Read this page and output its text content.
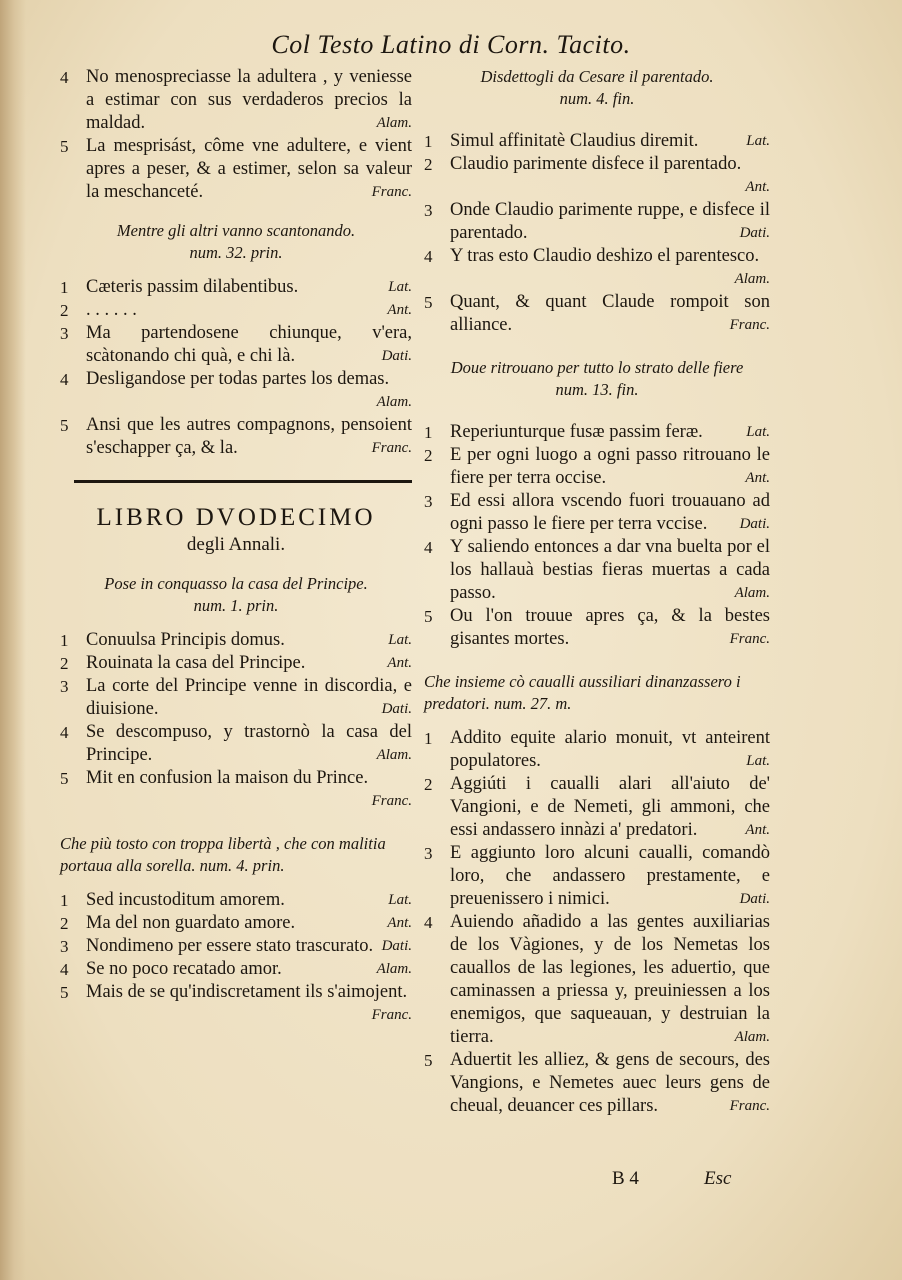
Col Testo Latino di Corn. Tacito.
4 No menospreciasse la adultera , y veniesse a estimar con sus verdaderos precios la maldad.	Alam.
5 La mesprisást, côme vne adultere, e vient apres a peser, & a estimer, selon sa valeur la meschanceté.	Franc.

Mentre gli altri vanno scantonando.
num. 32. prin.

1 Cæteris passim dilabentibus.	Lat.
2 . . . . . .	Ant.
3 Ma partendosene chiunque, v'era, scàtonando chi quà, e chi là.	Dati.
4 Desligandose per todas partes los demas.
Alam.
5 Ansi que les autres compagnons, pensoient s'eschapper ça, & la.	Franc.
LIBRO DVODECIMO
degli Annali.

Pose in conquasso la casa del Principe.
num. 1. prin.

1 Conuulsa Principis domus.	Lat.
2 Rouinata la casa del Principe.	Ant.
3 La corte del Principe venne in discordia, e diuisione.	Dati.
4 Se descompuso, y trastornò la casa del Principe.	Alam.
5 Mit en confusion la maison du Prince.
Franc.

Che più tosto con troppa libertà , che con malitia portaua alla sorella. num. 4. prin.

1 Sed incustoditum amorem.	Lat.
2 Ma del non guardato amore.	Ant.
3 Nondimeno per essere stato trascurato. Dati.
4 Se no poco recatado amor.	Alam.
5 Mais de se qu'indiscretament ils s'aimojent.
Franc.

Disdettogli da Cesare il parentado.
num. 4. fin.

1 Simul affinitatè Claudius diremit.	Lat.
2 Claudio parimente disfece il parentado.
Ant.
3 Onde Claudio parimente ruppe, e disfece il parentado.	Dati.
4 Y tras esto Claudio deshizo el parentesco.
Alam.
5 Quant, & quant Claude rompoit son alliance.	Franc.

Doue ritrouano per tutto lo strato delle fiere
num. 13. fin.

1 Reperiunturque fusæ passim feræ.	Lat.
2 E per ogni luogo a ogni passo ritrouano le fiere per terra occise.	Ant.
3 Ed essi allora vscendo fuori trouauano ad ogni passo le fiere per terra vccise. Dati.
4 Y saliendo entonces a dar vna buelta por el los hallauà bestias fieras muertas a cada passo.	Alam.
5 Ou l'on trouue apres ça, & la bestes gisantes mortes.	Franc.

Che insieme cò caualli aussiliari dinanzassero i predatori. num. 27. m.

1 Addito equite alario monuit, vt anteirent populatores.	Lat.
2 Aggiúti i caualli alari all'aiuto de' Vangioni, e de Nemeti, gli ammoni, che essi andassero innàzi a' predatori.	Ant.
3 E aggiunto loro alcuni caualli, comandò loro, che andassero prestamente, e preuenissero i nimici.	Dati.
4 Auiendo añadido a las gentes auxiliarias de los Vàgiones, y de los Nemetas los cauallos de las legiones, les aduertio, que caminassen a priessa y, preuiniessen a los enemigos, que saqueauan, y destruian la tierra.	Alam.
5 Aduertit les alliez, & gens de secours, des Vangions, e Nemetes auec leurs gens de cheual, deuancer ces pillars.	Franc.
B 4	Esc
